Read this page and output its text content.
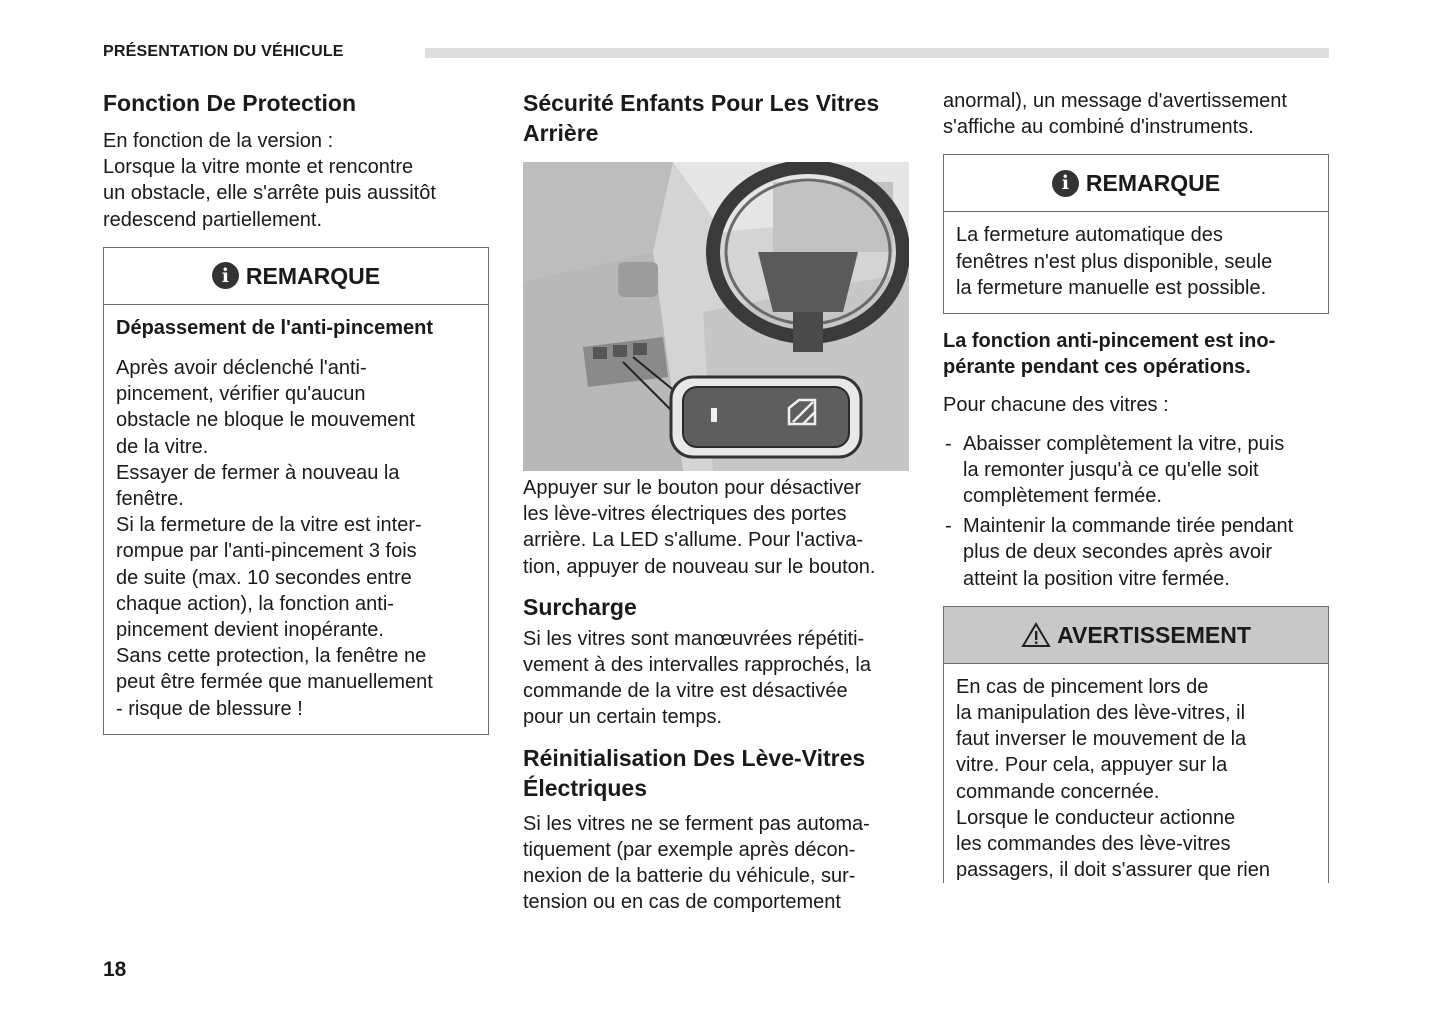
PRÉSENTATION DU VÉHICULE
Fonction De Protection

En fonction de la version :
Lorsque la vitre monte et rencontre
un obstacle, elle s'arrête puis aussitôt
redescend partiellement.

i REMARQUE
Dépassement de l'anti-pincement
Après avoir déclenché l'anti-
pincement, vérifier qu'aucun
obstacle ne bloque le mouvement
de la vitre.
Essayer de fermer à nouveau la
fenêtre.
Si la fermeture de la vitre est inter-
rompue par l'anti-pincement 3 fois
de suite (max. 10 secondes entre
chaque action), la fonction anti-
pincement devient inopérante.
Sans cette protection, la fenêtre ne
peut être fermée que manuellement
- risque de blessure !
Sécurité Enfants Pour Les Vitres
Arrière

Appuyer sur le bouton pour désactiver
les lève-vitres électriques des portes
arrière. La LED s'allume. Pour l'activa-
tion, appuyer de nouveau sur le bouton.

Surcharge

Si les vitres sont manœuvrées répétiti-
vement à des intervalles rapprochés, la
commande de la vitre est désactivée
pour un certain temps.

Réinitialisation Des Lève-Vitres
Électriques

Si les vitres ne se ferment pas automa-
tiquement (par exemple après décon-
nexion de la batterie du véhicule, sur-
tension ou en cas de comportement

anormal), un message d'avertissement
s'affiche au combiné d'instruments.

i REMARQUE
La fermeture automatique des
fenêtres n'est plus disponible, seule
la fermeture manuelle est possible.

La fonction anti-pincement est ino-
pérante pendant ces opérations.

Pour chacune des vitres :

- Abaisser complètement la vitre, puis
la remonter jusqu'à ce qu'elle soit
complètement fermée.
- Maintenir la commande tirée pendant
plus de deux secondes après avoir
atteint la position vitre fermée.
AVERTISSEMENT
En cas de pincement lors de
la manipulation des lève-vitres, il
faut inverser le mouvement de la
vitre. Pour cela, appuyer sur la
commande concernée.
Lorsque le conducteur actionne
les commandes des lève-vitres
passagers, il doit s'assurer que rien
18
